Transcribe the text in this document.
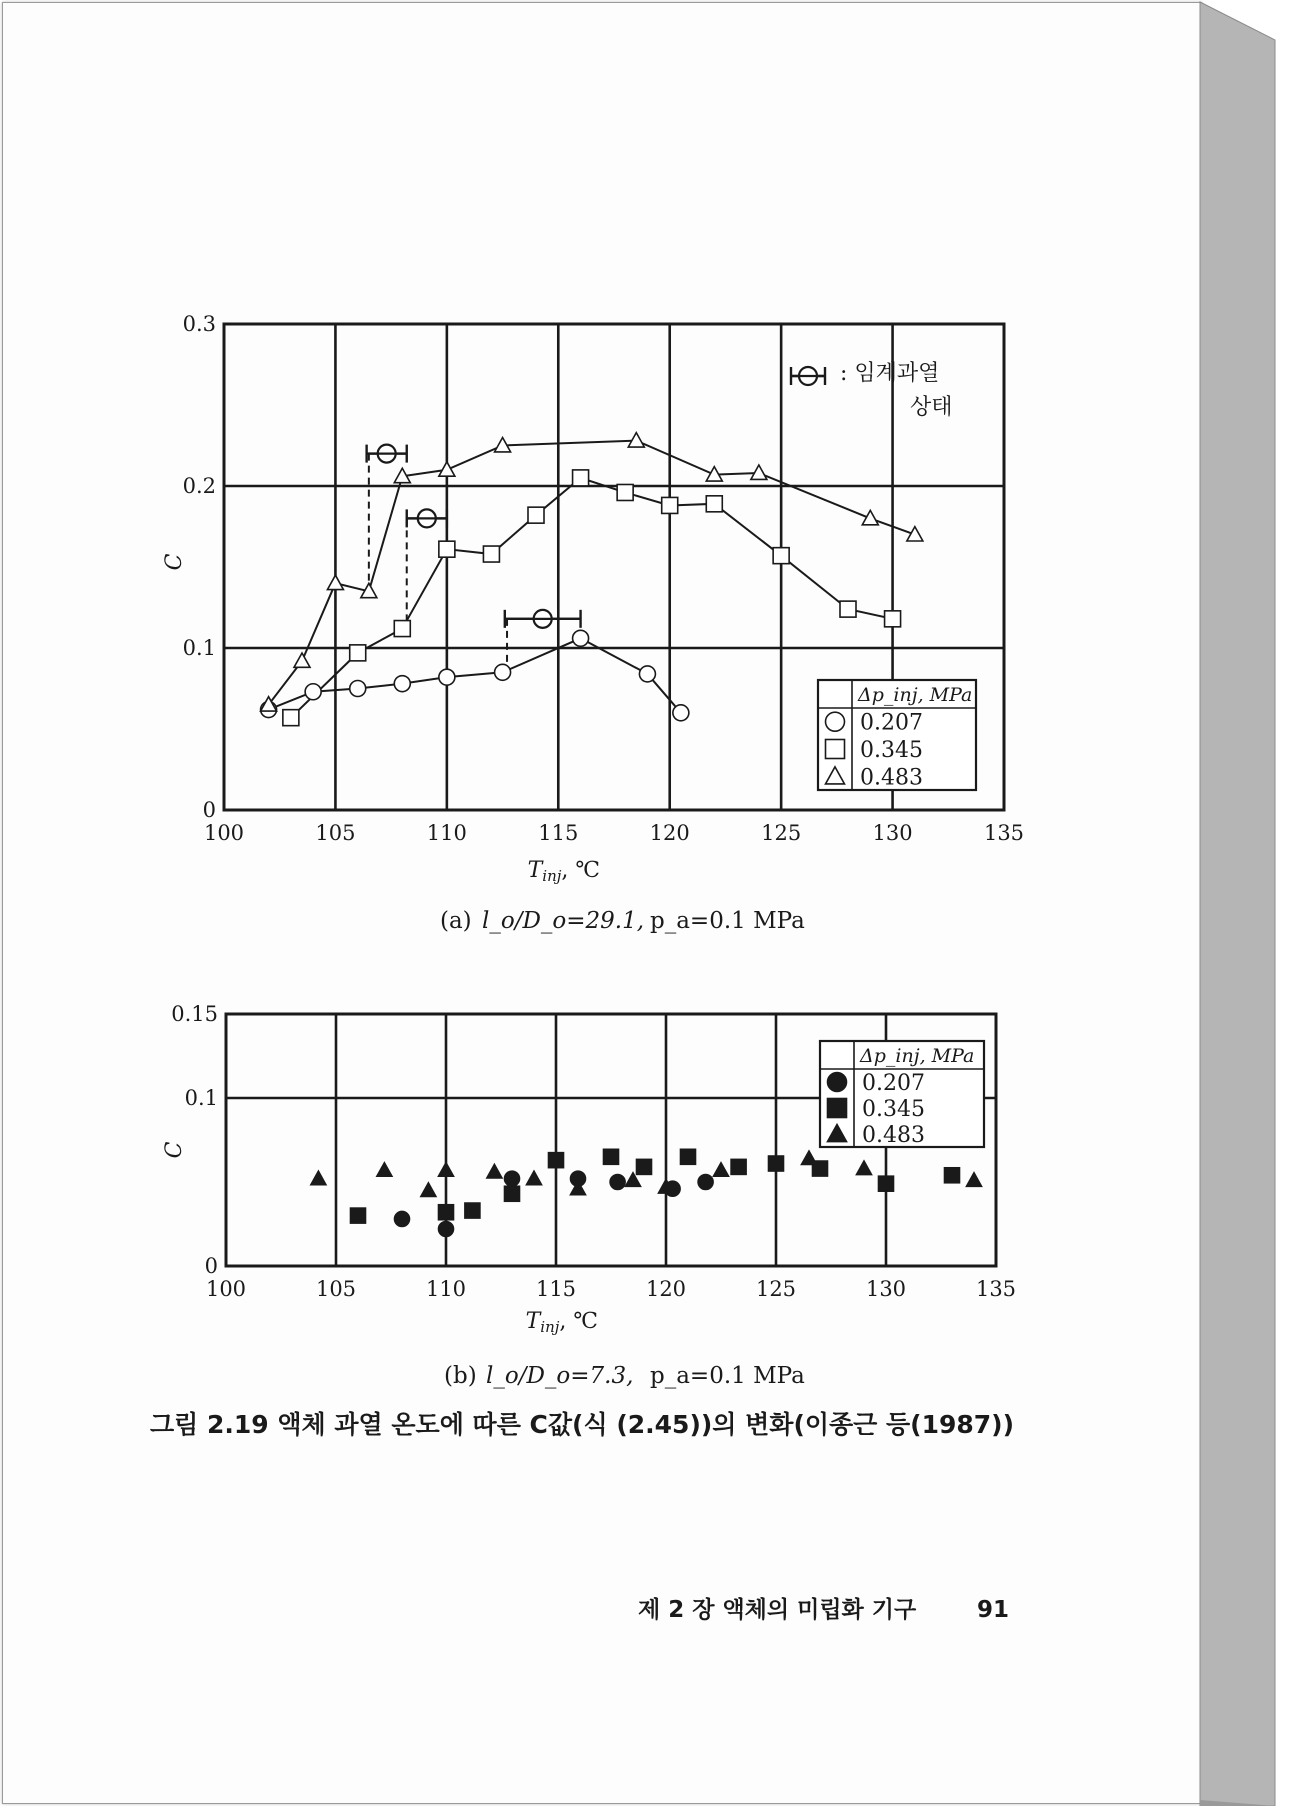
100	105	110	115	120	125	130	135
0
0.1
0.2
0.3
Δp_inj, MPa
0.207
0.345
0.483
: 임계과열
상태
C
Tinj, ℃
(a) l_o/D_o=29.1, p_a=0.1 MPa
100	105	110	115	120	125	130	135
0
0.1
0.15
Δp_inj, MPa
0.207
0.345
0.483
C
Tinj, ℃
(b) l_o/D_o=7.3, p_a=0.1 MPa
그림 2.19 액체 과열 온도에 따른 C값(식 (2.45))의 변화(이종근 등(1987))
제 2 장 액체의 미립화 기구	91
